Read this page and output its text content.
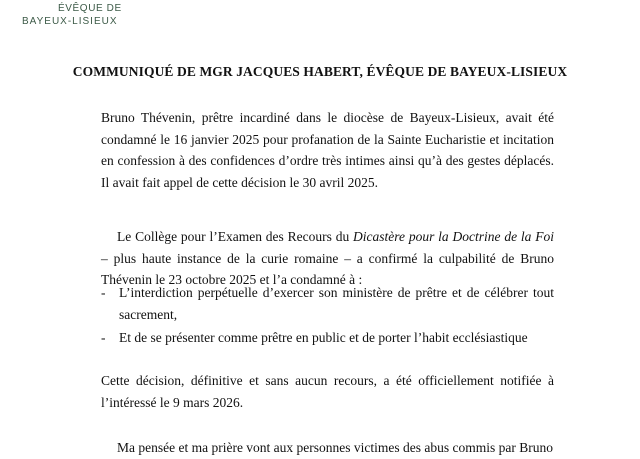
ÉVÊQUE DE
BAYEUX-LISIEUX
COMMUNIQUÉ DE MGR JACQUES HABERT, ÉVÊQUE DE BAYEUX-LISIEUX

Bruno Thévenin, prêtre incardiné dans le diocèse de Bayeux-Lisieux, avait été condamné le 16 janvier 2025 pour profanation de la Sainte Eucharistie et incitation en confession à des confidences d’ordre très intimes ainsi qu’à des gestes déplacés. Il avait fait appel de cette décision le 30 avril 2025.

Le Collège pour l’Examen des Recours du Dicastère pour la Doctrine de la Foi – plus haute instance de la curie romaine – a confirmé la culpabilité de Bruno Thévenin le 23 octobre 2025 et l’a condamné à :

- L’interdiction perpétuelle d’exercer son ministère de prêtre et de célébrer tout sacrement,
- Et de se présenter comme prêtre en public et de porter l’habit ecclésiastique

Cette décision, définitive et sans aucun recours, a été officiellement notifiée à l’intéressé le 9 mars 2026.

Ma pensée et ma prière vont aux personnes victimes des abus commis par Bruno
